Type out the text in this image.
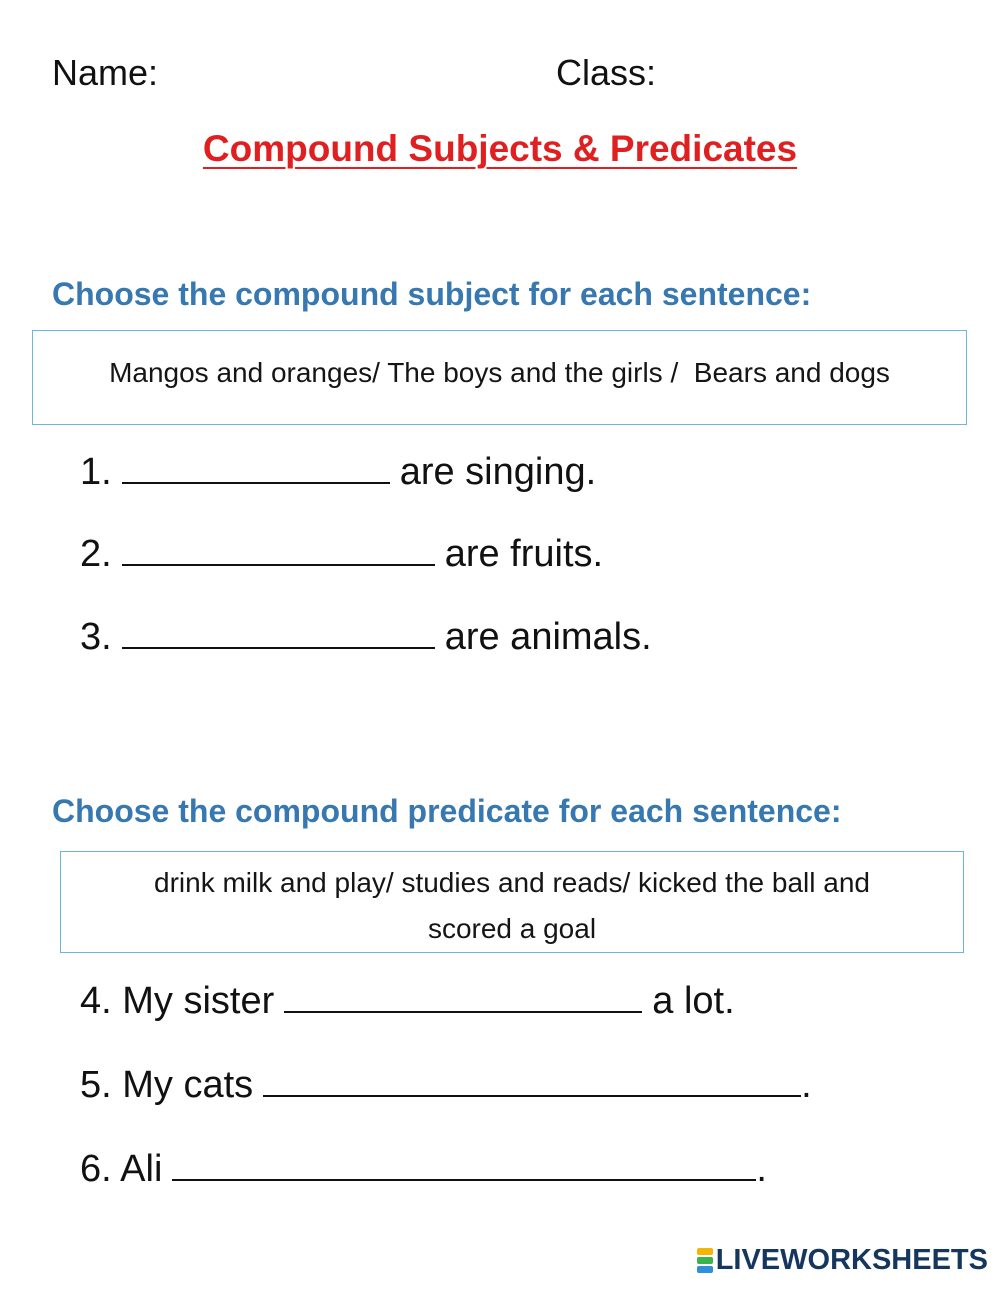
Name:	Class:
Compound Subjects & Predicates
Choose the compound subject for each sentence:
Mangos and oranges/ The boys and the girls /  Bears and dogs
1.	are singing.
2.	are fruits.
3.	are animals.
Choose the compound predicate for each sentence:
drink milk and play/ studies and reads/ kicked the ball and
scored a goal
4. My sister	a lot.
5. My cats	.
6. Ali	.
LIVEWORKSHEETS
